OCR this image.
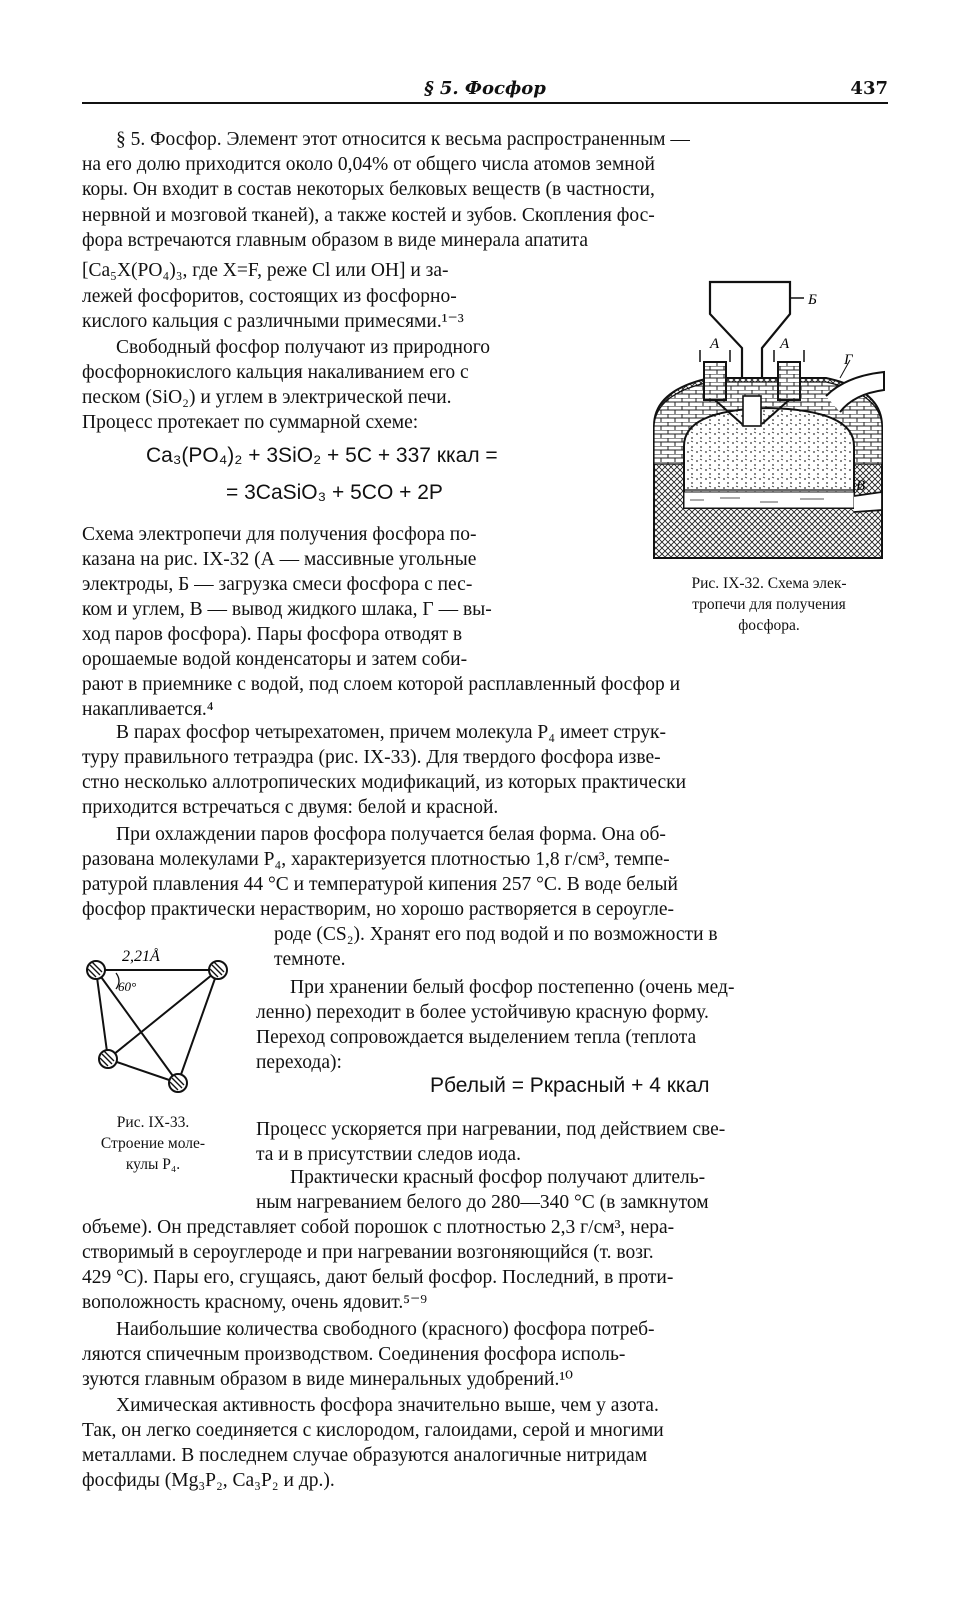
§ 5. Фосфор	437
§ 5. Фосфор. Элемент этот относится к весьма распространенным —
на его долю приходится около 0,04% от общего числа атомов земной
коры. Он входит в состав некоторых белковых веществ (в частности,
нервной и мозговой тканей), а также костей и зубов. Скопления фос-
фора встречаются главным образом в виде минерала апатита
[Ca₅X(PO₄)₃, где X=F, реже Cl или OH] и за-
лежей фосфоритов, состоящих из фосфорно-
кислого кальция с различными примесями.¹⁻³
Свободный фосфор получают из природного
фосфорнокислого кальция накаливанием его с
песком (SiO₂) и углем в электрической печи.
Процесс протекает по суммарной схеме:
Ca₃(PO₄)₂ + 3SiO₂ + 5C + 337 ккал =
= 3CaSiO₃ + 5CO + 2P
Схема электропечи для получения фосфора по-
казана на рис. IX-32 (А — массивные угольные
электроды, Б — загрузка смеси фосфора с пес-
ком и углем, В — вывод жидкого шлака, Г — вы-
ход паров фосфора). Пары фосфора отводят в
орошаемые водой конденсаторы и затем соби-
рают в приемнике с водой, под слоем которой расплавленный фосфор и
накапливается.⁴
Б
А	А
Г
В
Рис. IX-32. Схема элек-
тропечи для получения
фосфора.
В парах фосфор четырехатомен, причем молекула P₄ имеет струк-
туру правильного тетраэдра (рис. IX-33). Для твердого фосфора изве-
стно несколько аллотропических модификаций, из которых практически
приходится встречаться с двумя: белой и красной.
При охлаждении паров фосфора получается белая форма. Она об-
разована молекулами P₄, характеризуется плотностью 1,8 г/см³, темпе-
ратурой плавления 44 °C и температурой кипения 257 °C. В воде белый
фосфор практически нерастворим, но хорошо растворяется в сероугле-
роде (CS₂). Хранят его под водой и по возможности в
темноте.
2,21Å
60°
Рис. IX-33.
Строение моле-
кулы P₄.
При хранении белый фосфор постепенно (очень мед-
ленно) переходит в более устойчивую красную форму.
Переход сопровождается выделением тепла (теплота
перехода):
Pбелый = Pкрасный + 4 ккал
Процесс ускоряется при нагревании, под действием све-
та и в присутствии следов иода.
Практически красный фосфор получают длитель-
ным нагреванием белого до 280—340 °C (в замкнутом
объеме). Он представляет собой порошок с плотностью 2,3 г/см³, нера-
створимый в сероуглероде и при нагревании возгоняющийся (т. возг.
429 °C). Пары его, сгущаясь, дают белый фосфор. Последний, в проти-
воположность красному, очень ядовит.⁵⁻⁹
Наибольшие количества свободного (красного) фосфора потреб-
ляются спичечным производством. Соединения фосфора исполь-
зуются главным образом в виде минеральных удобрений.¹⁰
Химическая активность фосфора значительно выше, чем у азота.
Так, он легко соединяется с кислородом, галоидами, серой и многими
металлами. В последнем случае образуются аналогичные нитридам
фосфиды (Mg₃P₂, Ca₃P₂ и др.).
